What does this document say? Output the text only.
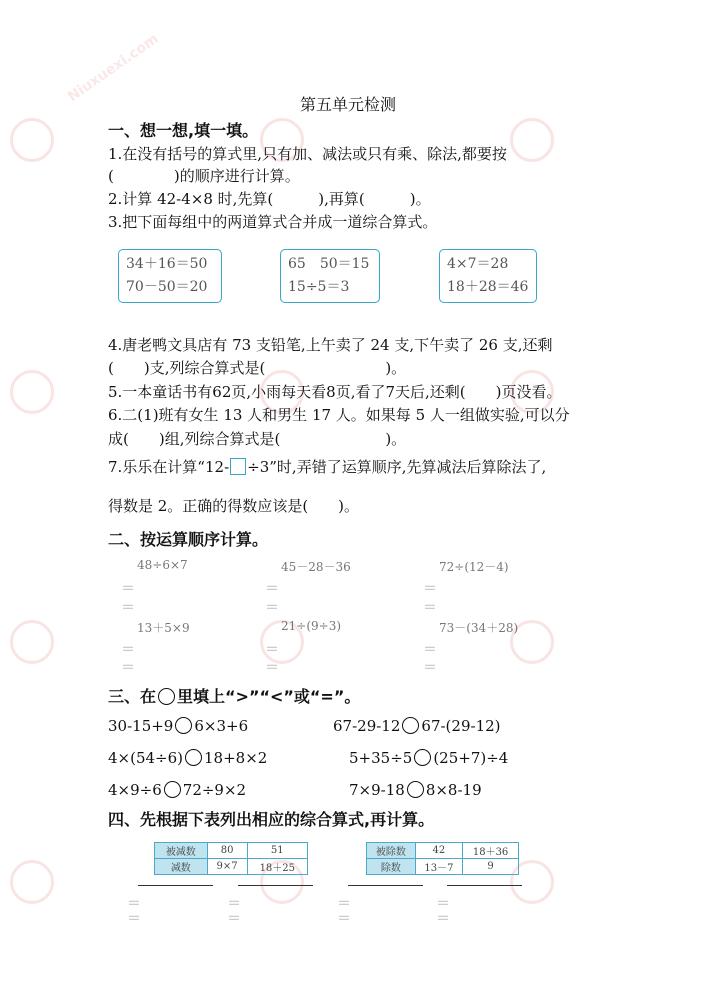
Niuxuexi.com	第五单元检测
一、想一想,填一填。
1.在没有括号的算式里,只有加、减法或只有乘、除法,都要按
(　　　　)的顺序进行计算。
2.计算 42-4×8 时,先算(　　　),再算(　　　)。
3.把下面每组中的两道算式合并成一道综合算式。
34＋16＝50
70－50＝20
65　50＝15
15÷5＝3
4×7＝28
18＋28＝46
4.唐老鸭文具店有 73 支铅笔,上午卖了 24 支,下午卖了 26 支,还剩
(　　)支,列综合算式是(　　　　　　　　)。
5.一本童话书有62页,小雨每天看8页,看了7天后,还剩(　　)页没看。
6.二(1)班有女生 13 人和男生 17 人。如果每 5 人一组做实验,可以分
成(　　)组,列综合算式是(　　　　　　　)。
7.乐乐在计算“12- ÷3”时,弄错了运算顺序,先算减法后算除法了,
得数是 2。正确的得数应该是(　　)。
二、按运算顺序计算。
48÷6×7	45－28－36	72÷(12－4)
＝
＝
＝
＝
＝
＝
13＋5×9	21÷(9÷3)	73－(34＋28)
＝
＝
＝
＝
＝
＝
三、在 里填上“>”“<”或“=”。
30-15+9 6×3+6	67-29-12 67-(29-12)
4×(54÷6) 18+8×2	5+35÷5 (25+7)÷4
4×9÷6 72÷9×2	7×9-18 8×8-19
四、先根据下表列出相应的综合算式,再计算。
被减数	80	51
减数	9×7	18＋25
被除数	42	18＋36
除数	13－7	9
＝
＝
＝
＝
＝
＝
＝
＝
